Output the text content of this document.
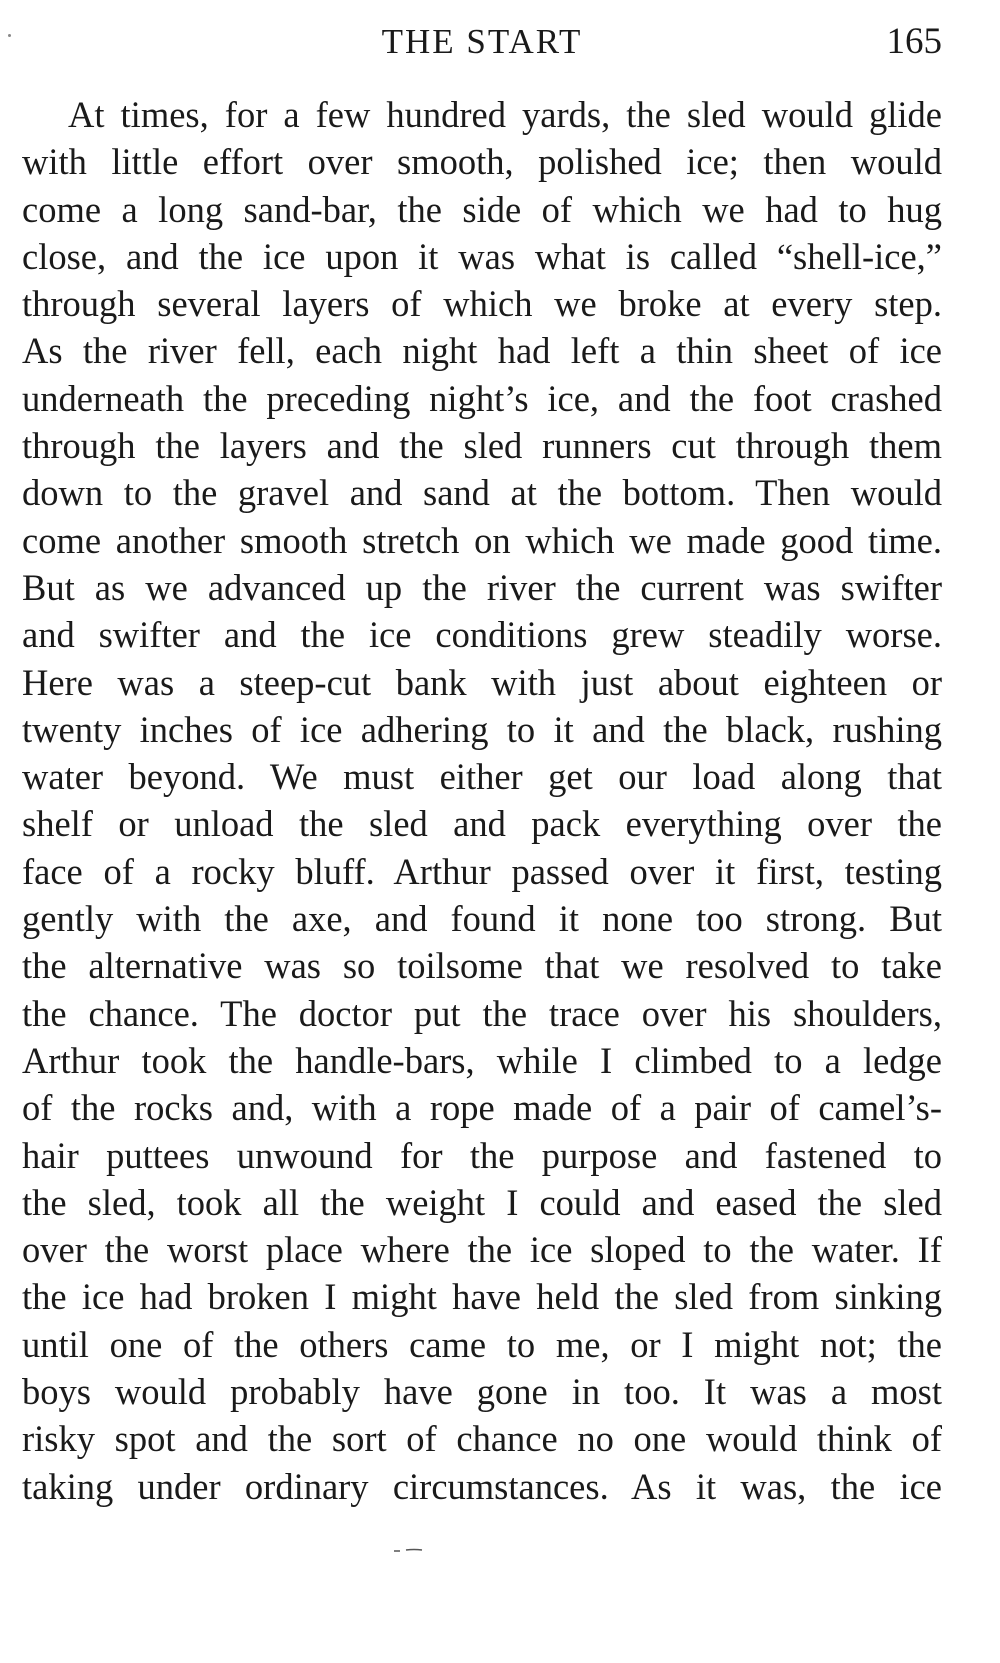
THE START	165
At times, for a few hundred yards, the sled would glide
with little effort over smooth, polished ice; then would
come a long sand-bar, the side of which we had to hug
close, and the ice upon it was what is called “shell-ice,”
through several layers of which we broke at every step.
As the river fell, each night had left a thin sheet of ice
underneath the preceding night’s ice, and the foot crashed
through the layers and the sled runners cut through them
down to the gravel and sand at the bottom. Then would
come another smooth stretch on which we made good time.
But as we advanced up the river the current was swifter
and swifter and the ice conditions grew steadily worse.
Here was a steep-cut bank with just about eighteen or
twenty inches of ice adhering to it and the black, rushing
water beyond. We must either get our load along that
shelf or unload the sled and pack everything over the
face of a rocky bluff. Arthur passed over it first, testing
gently with the axe, and found it none too strong. But
the alternative was so toilsome that we resolved to take
the chance. The doctor put the trace over his shoulders,
Arthur took the handle-bars, while I climbed to a ledge
of the rocks and, with a rope made of a pair of camel’s-
hair puttees unwound for the purpose and fastened to
the sled, took all the weight I could and eased the sled
over the worst place where the ice sloped to the water. If
the ice had broken I might have held the sled from sinking
until one of the others came to me, or I might not; the
boys would probably have gone in too. It was a most
risky spot and the sort of chance no one would think of
taking under ordinary circumstances. As it was, the ice
